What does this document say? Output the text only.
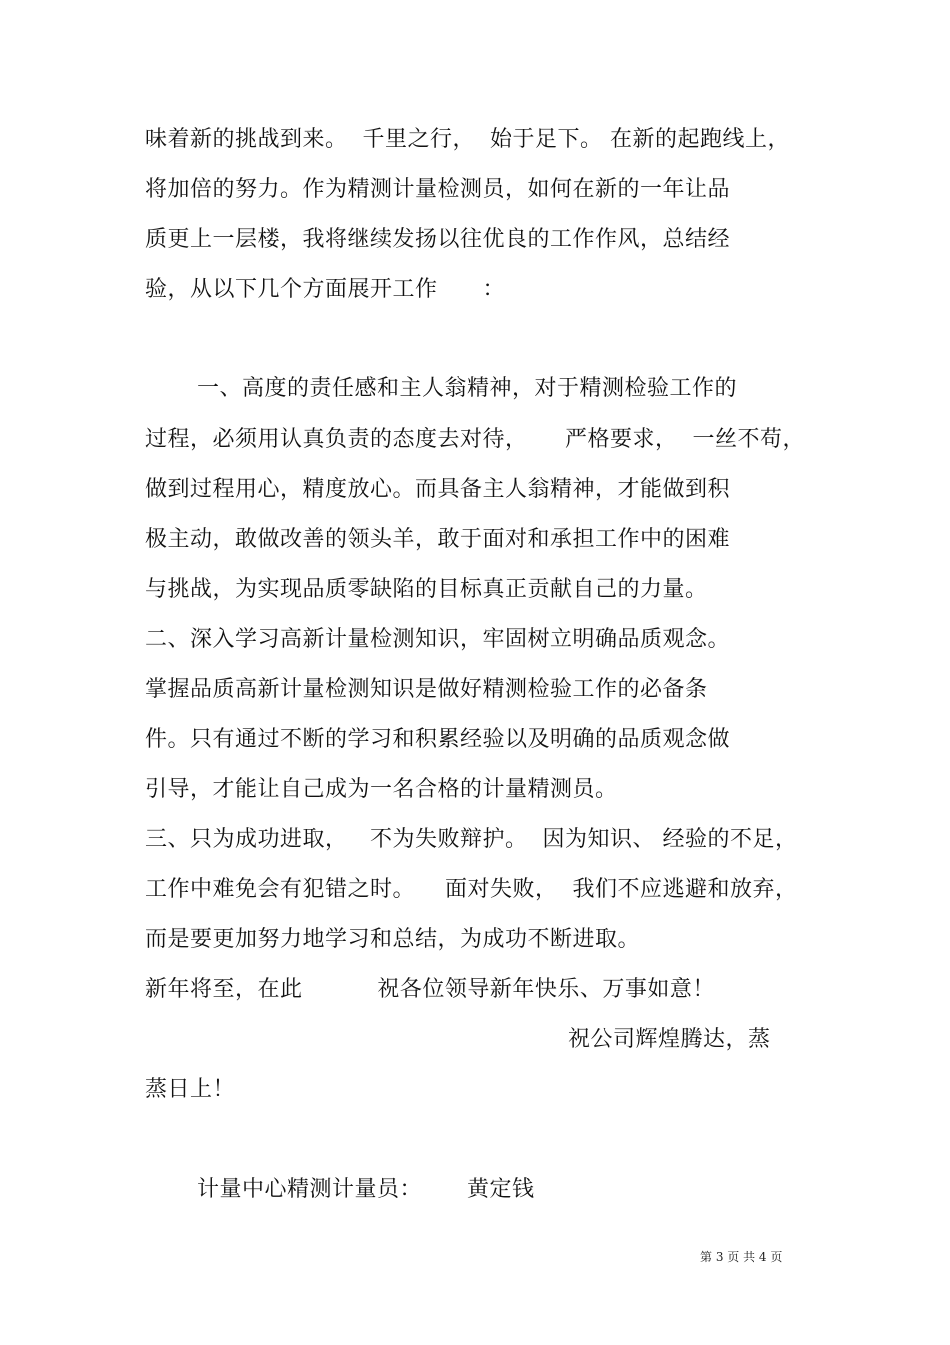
味着新的挑战到来。  千里之行，  始于足下。 在新的起跑线上，
将加倍的努力。作为精测计量检测员，如何在新的一年让品
质更上一层楼，我将继续发扬以往优良的工作作风，总结经
验，从以下几个方面展开工作      ：
一、高度的责任感和主人翁精神，对于精测检验工作的
过程，必须用认真负责的态度去对待，     严格要求，  一丝不苟，
做到过程用心，精度放心。而具备主人翁精神，才能做到积
极主动，敢做改善的领头羊，敢于面对和承担工作中的困难
与挑战，为实现品质零缺陷的目标真正贡献自己的力量。
二、深入学习高新计量检测知识，牢固树立明确品质观念。
掌握品质高新计量检测知识是做好精测检验工作的必备条
件。只有通过不断的学习和积累经验以及明确的品质观念做
引导，才能让自己成为一名合格的计量精测员。
三、只为成功进取，   不为失败辩护。  因为知识、 经验的不足，
工作中难免会有犯错之时。    面对失败，  我们不应逃避和放弃，
而是要更加努力地学习和总结，为成功不断进取。
新年将至，在此          祝各位领导新年快乐、万事如意！
祝公司辉煌腾达，蒸
蒸日上！
计量中心精测计量员：      黄定钱
第 3 页 共 4 页
